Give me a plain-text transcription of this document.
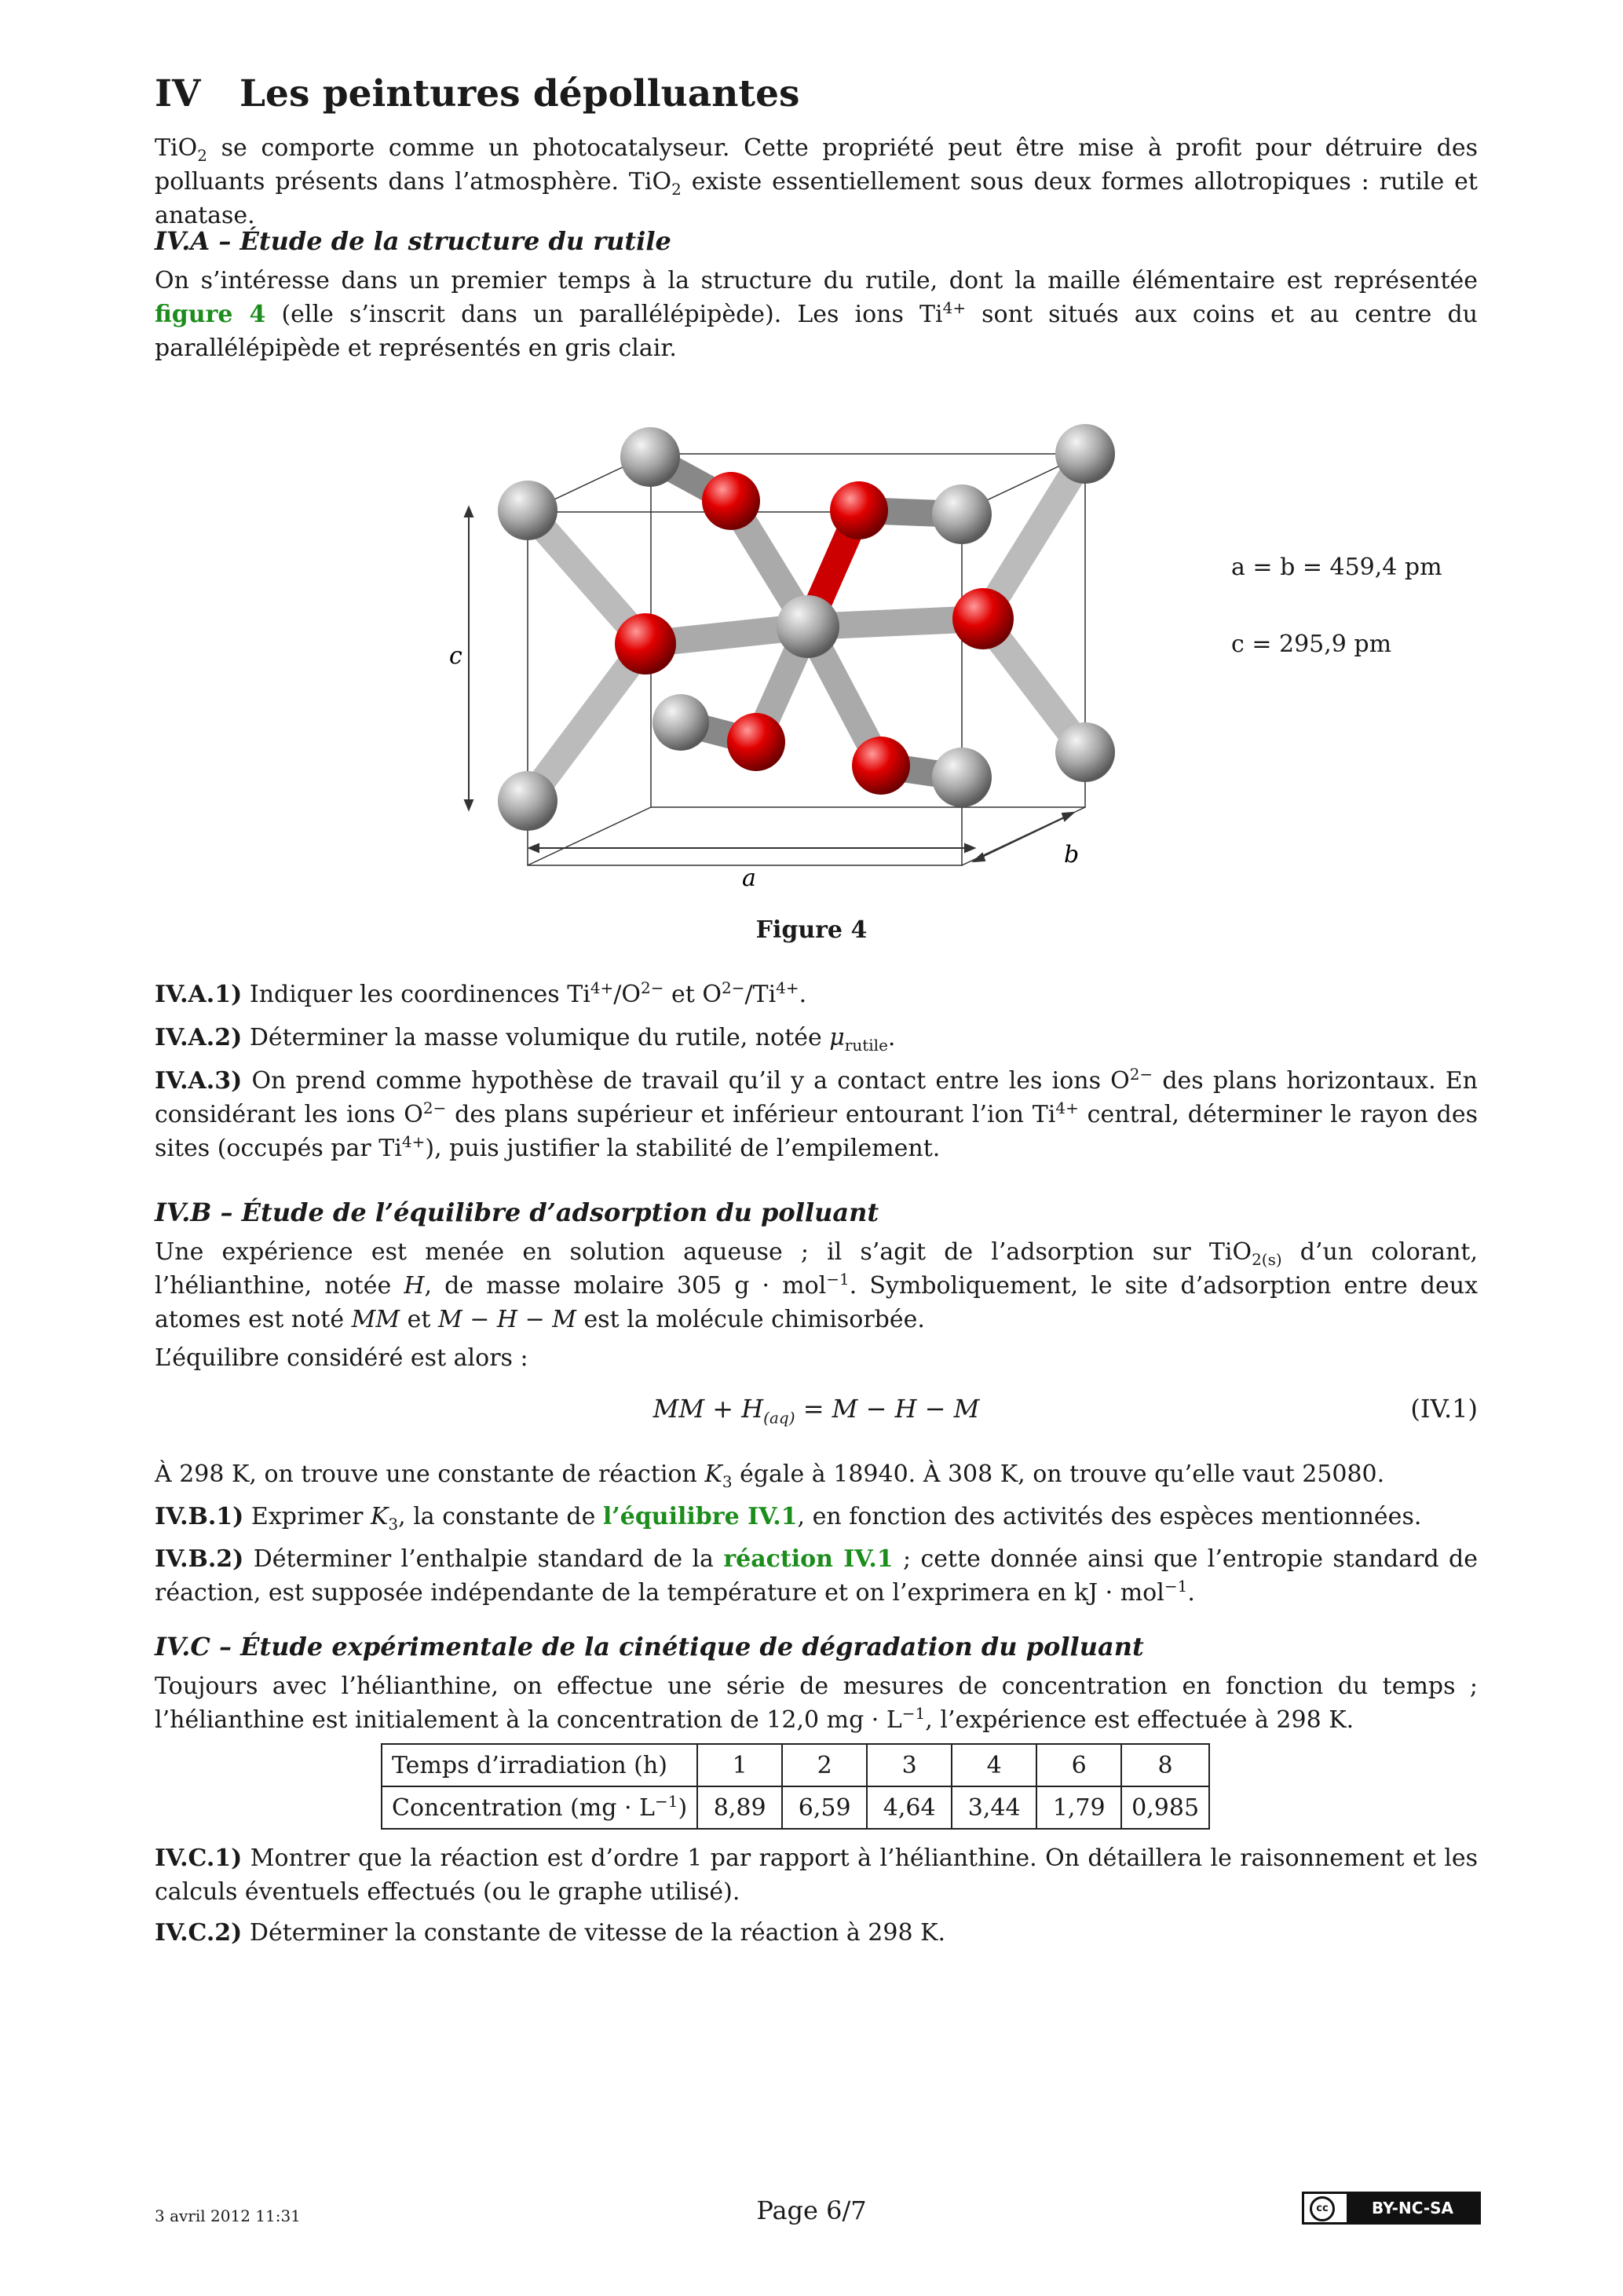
IV Les peintures dépolluantes

TiO$_2$ se comporte comme un photocatalyseur. Cette propriété peut être mise à profit pour détruire des polluants présents dans l’atmosphère. TiO$_2$ existe essentiellement sous deux formes allotropiques : rutile et anatase.

IV.A – Étude de la structure du rutile

On s’intéresse dans un premier temps à la structure du rutile, dont la maille élémentaire est représentée figure 4 (elle s’inscrit dans un parallélépipède). Les ions $Ti^{4+}$ sont situés aux coins et au centre du parallélépipède et représentés en gris clair.

a
c
b
a = b = 459,4 pm
c = 295,9 pm
Figure 4

IV.A.1) Indiquer les coordinences $Ti^{4+}/O^{2-}$ et $O^{2-}/Ti^{4+}$.

IV.A.2) Déterminer la masse volumique du rutile, notée $\mu_{rutile}$.

IV.A.3) On prend comme hypothèse de travail qu’il y a contact entre les ions $O^{2-}$ des plans horizontaux. En considérant les ions $O^{2-}$ des plans supérieur et inférieur entourant l’ion $Ti^{4+}$ central, déterminer le rayon des sites (occupés par $Ti^{4+}$), puis justifier la stabilité de l’empilement.

IV.B – Étude de l’équilibre d’adsorption du polluant

Une expérience est menée en solution aqueuse ; il s’agit de l’adsorption sur TiO$_{2(s)}$ d’un colorant, l’hélianthine, notée H, de masse molaire 305 g · mol$^{-1}$. Symboliquement, le site d’adsorption entre deux atomes est noté MM et M − H − M est la molécule chimisorbée.

L’équilibre considéré est alors :

MM + $H_{(aq)} = M - H - M$	(IV.1)

À 298 K, on trouve une constante de réaction $K_3$ égale à 18940. À 308 K, on trouve qu’elle vaut 25080.

IV.B.1) Exprimer $K_3$, la constante de l’équilibre IV.1, en fonction des activités des espèces mentionnées.

IV.B.2) Déterminer l’enthalpie standard de la réaction IV.1 ; cette donnée ainsi que l’entropie standard de réaction, est supposée indépendante de la température et on l’exprimera en kJ · mol$^{-1}$.

IV.C – Étude expérimentale de la cinétique de dégradation du polluant

Toujours avec l’hélianthine, on effectue une série de mesures de concentration en fonction du temps ; l’hélianthine est initialement à la concentration de 12,0 mg · $L^{-1}$, l’expérience est effectuée à 298 K.

Temps d’irradiation (h)	1	2	3	4	6	8
Concentration $(mg \cdot L^{-1})$	8,89	6,59	4,64	3,44	1,79	0,985

IV.C.1) Montrer que la réaction est d’ordre 1 par rapport à l’hélianthine. On détaillera le raisonnement et les calculs éventuels effectués (ou le graphe utilisé).

IV.C.2) Déterminer la constante de vitesse de la réaction à 298 K.

3 avril 2012 11:31	Page 6/7	cc	BY-NC-SA
